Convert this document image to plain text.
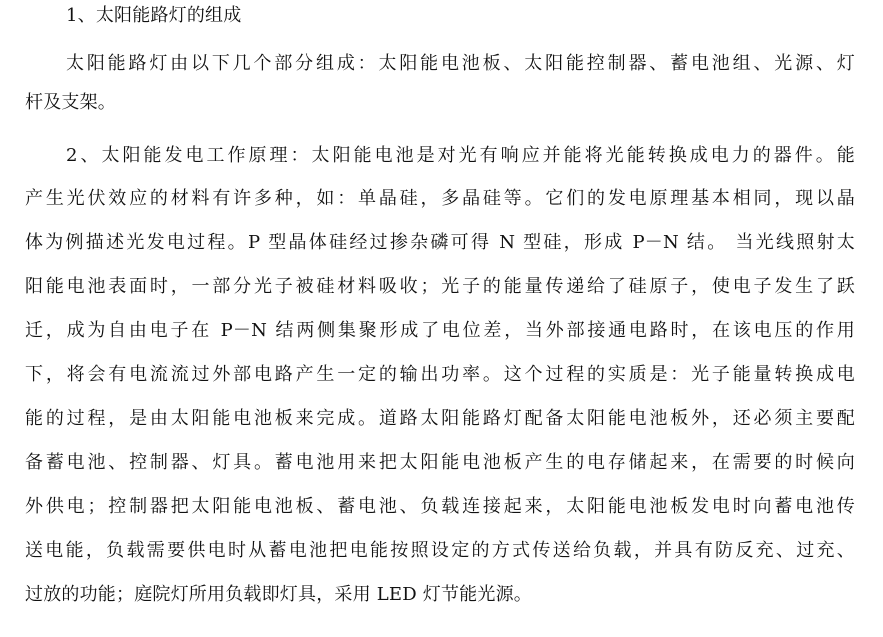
1、太阳能路灯的组成
太阳能路灯由以下几个部分组成：太阳能电池板、太阳能控制器、蓄电池组、光源、灯
杆及支架。
2、太阳能发电工作原理：太阳能电池是对光有响应并能将光能转换成电力的器件。能
产生光伏效应的材料有许多种，如：单晶硅，多晶硅等。它们的发电原理基本相同，现以晶
体为例描述光发电过程。P 型晶体硅经过掺杂磷可得 N 型硅，形成 P－N 结。 当光线照射太
阳能电池表面时，一部分光子被硅材料吸收；光子的能量传递给了硅原子，使电子发生了跃
迁，成为自由电子在 P－N 结两侧集聚形成了电位差，当外部接通电路时，在该电压的作用
下，将会有电流流过外部电路产生一定的输出功率。这个过程的实质是：光子能量转换成电
能的过程，是由太阳能电池板来完成。道路太阳能路灯配备太阳能电池板外，还必须主要配
备蓄电池、控制器、灯具。蓄电池用来把太阳能电池板产生的电存储起来，在需要的时候向
外供电；控制器把太阳能电池板、蓄电池、负载连接起来，太阳能电池板发电时向蓄电池传
送电能，负载需要供电时从蓄电池把电能按照设定的方式传送给负载，并具有防反充、过充、
过放的功能；庭院灯所用负载即灯具，采用 LED 灯节能光源。
